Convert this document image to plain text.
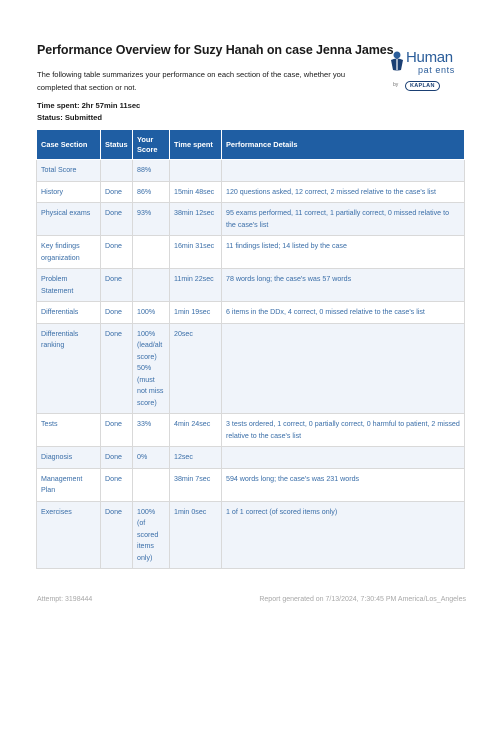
Performance Overview for Suzy Hanah on case Jenna James Human
pat ents
by	KAPLAN
The following table summarizes your performance on each section of the case, whether you completed that section or not.
Time spent: 2hr 57min 11sec
Status: Submitted
Case Section	Status	Your Score	Time spent	Performance Details
Total Score		88%		
History	Done	86%	15min 48sec	120 questions asked, 12 correct, 2 missed relative to the case's list
Physical exams	Done	93%	38min 12sec	95 exams performed, 11 correct, 1 partially correct, 0 missed relative to the case's list
Key findings organization	Done		16min 31sec	11 findings listed; 14 listed by the case
Problem Statement	Done		11min 22sec	78 words long; the case's was 57 words
Differentials	Done	100%	1min 19sec	6 items in the DDx, 4 correct, 0 missed relative to the case's list
Differentials ranking	Done	100% (lead/alt score) 50% (must not miss score)	20sec	
Tests	Done	33%	4min 24sec	3 tests ordered, 1 correct, 0 partially correct, 0 harmful to patient, 2 missed relative to the case's list
Diagnosis	Done	0%	12sec	
Management Plan	Done		38min 7sec	594 words long; the case's was 231 words
Exercises	Done	100% (of scored items only)	1min 0sec	1 of 1 correct (of scored items only)
Attempt: 3198444	Report generated on 7/13/2024, 7:30:45 PM America/Los_Angeles
